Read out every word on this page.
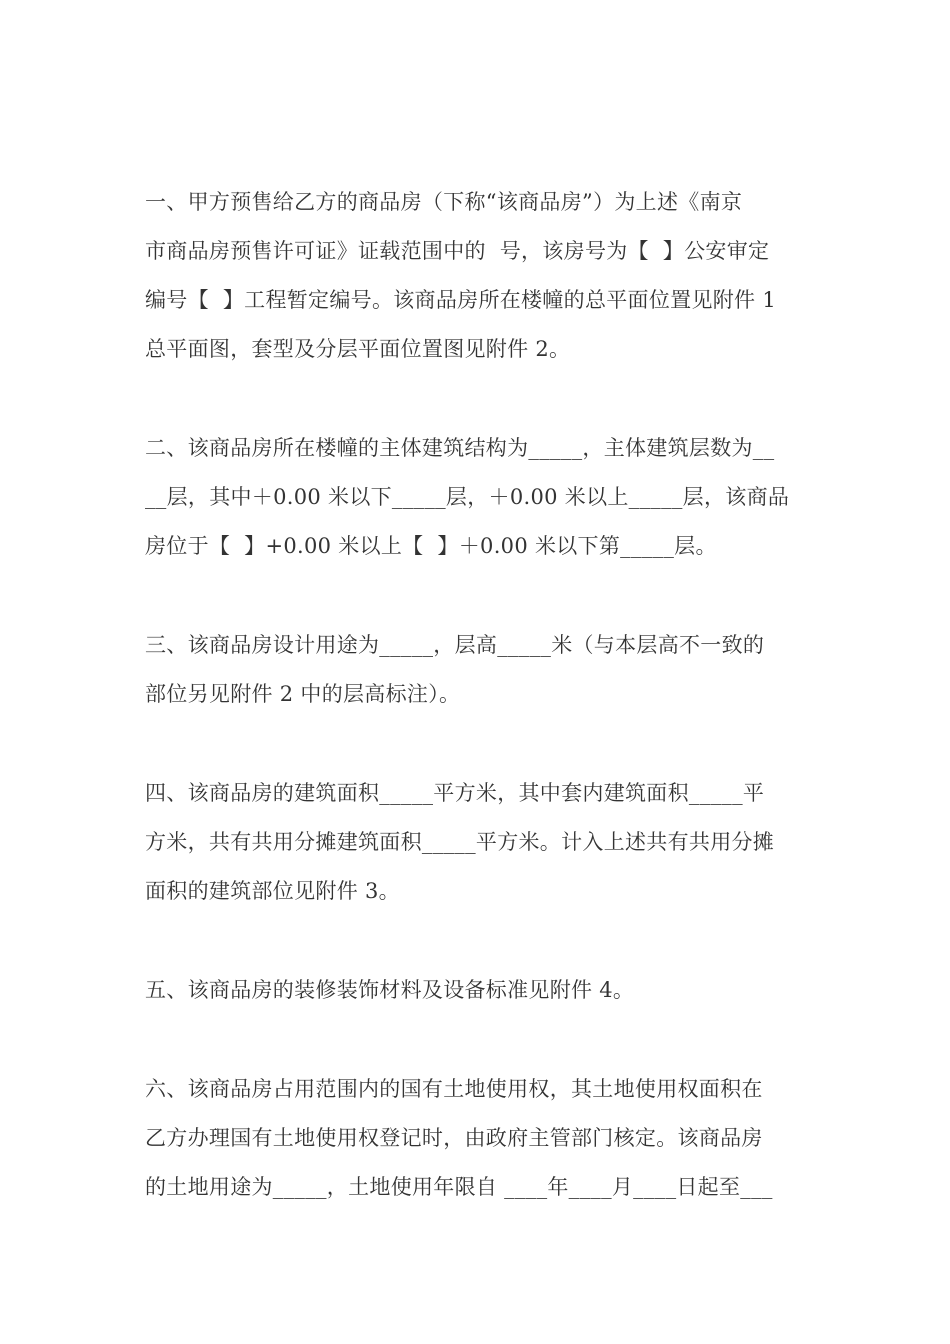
一、甲方预售给乙方的商品房（下称“该商品房”）为上述《南京
市商品房预售许可证》证载范围中的  号，该房号为【  】公安审定
编号【  】工程暂定编号。该商品房所在楼幢的总平面位置见附件 1
总平面图，套型及分层平面位置图见附件 2。
二、该商品房所在楼幢的主体建筑结构为_____，主体建筑层数为__
__层，其中＋0.00 米以下_____层，＋0.00 米以上_____层，该商品
房位于【  】+0.00 米以上【  】＋0.00 米以下第_____层。
三、该商品房设计用途为_____，层高_____米（与本层高不一致的
部位另见附件 2 中的层高标注）。
四、该商品房的建筑面积_____平方米，其中套内建筑面积_____平
方米，共有共用分摊建筑面积_____平方米。计入上述共有共用分摊
面积的建筑部位见附件 3。
五、该商品房的装修装饰材料及设备标准见附件 4。
六、该商品房占用范围内的国有土地使用权，其土地使用权面积在
乙方办理国有土地使用权登记时，由政府主管部门核定。该商品房
的土地用途为_____，土地使用年限自 ____年____月____日起至___
